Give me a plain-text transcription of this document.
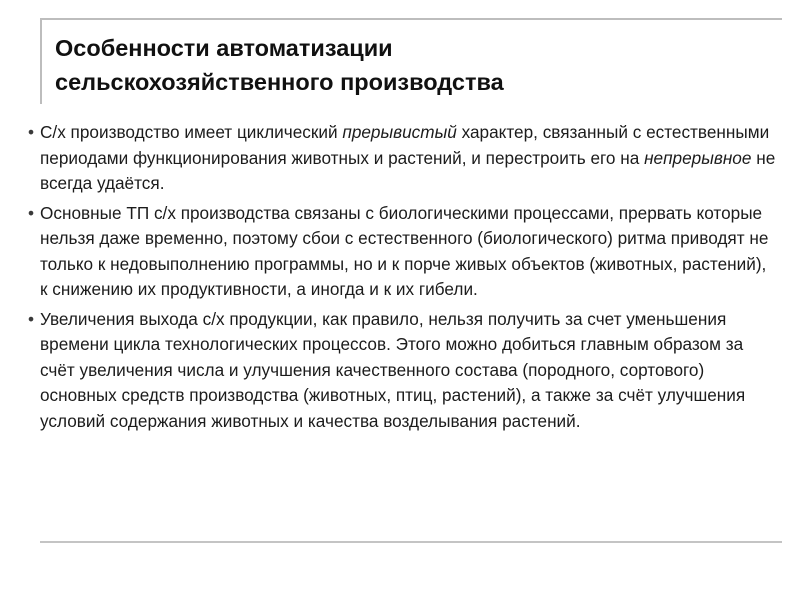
Особенности автоматизации
сельскохозяйственного производства
• С/х производство имеет циклический прерывистый характер, связанный с естественными периодами функционирования животных и растений, и перестроить его на непрерывное не всегда удаётся.
• Основные ТП с/х производства связаны с биологическими процессами, прервать которые нельзя даже временно, поэтому сбои с естественного (биологического) ритма приводят не только к недовыполнению программы, но и к порче живых объектов (животных, растений), к снижению их продуктивности, а иногда и к их гибели.
• Увеличения выхода с/х продукции, как правило, нельзя получить за счет уменьшения времени цикла технологических процессов. Этого можно добиться главным образом за счёт увеличения числа и улучшения качественного состава (породного, сортового) основных средств производства (животных, птиц, растений), а также за счёт улучшения условий содержания животных и качества возделывания растений.
